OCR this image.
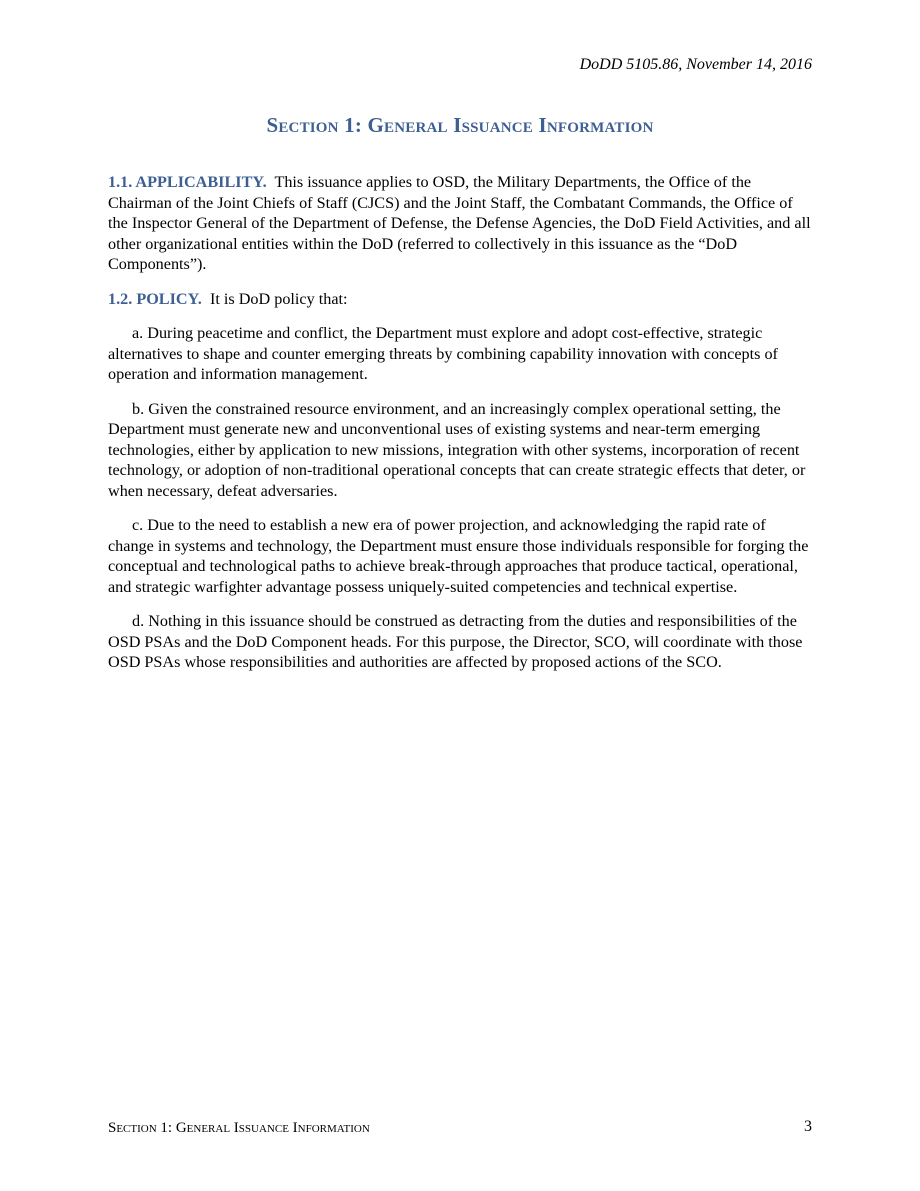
DoDD 5105.86, November 14, 2016
Section 1: General Issuance Information

1.1. APPLICABILITY. This issuance applies to OSD, the Military Departments, the Office of the Chairman of the Joint Chiefs of Staff (CJCS) and the Joint Staff, the Combatant Commands, the Office of the Inspector General of the Department of Defense, the Defense Agencies, the DoD Field Activities, and all other organizational entities within the DoD (referred to collectively in this issuance as the “DoD Components”).

1.2. POLICY. It is DoD policy that:

a. During peacetime and conflict, the Department must explore and adopt cost-effective, strategic alternatives to shape and counter emerging threats by combining capability innovation with concepts of operation and information management.

b. Given the constrained resource environment, and an increasingly complex operational setting, the Department must generate new and unconventional uses of existing systems and near-term emerging technologies, either by application to new missions, integration with other systems, incorporation of recent technology, or adoption of non-traditional operational concepts that can create strategic effects that deter, or when necessary, defeat adversaries.

c. Due to the need to establish a new era of power projection, and acknowledging the rapid rate of change in systems and technology, the Department must ensure those individuals responsible for forging the conceptual and technological paths to achieve break-through approaches that produce tactical, operational, and strategic warfighter advantage possess uniquely-suited competencies and technical expertise.

d. Nothing in this issuance should be construed as detracting from the duties and responsibilities of the OSD PSAs and the DoD Component heads. For this purpose, the Director, SCO, will coordinate with those OSD PSAs whose responsibilities and authorities are affected by proposed actions of the SCO.

Section 1: General Issuance Information	3
